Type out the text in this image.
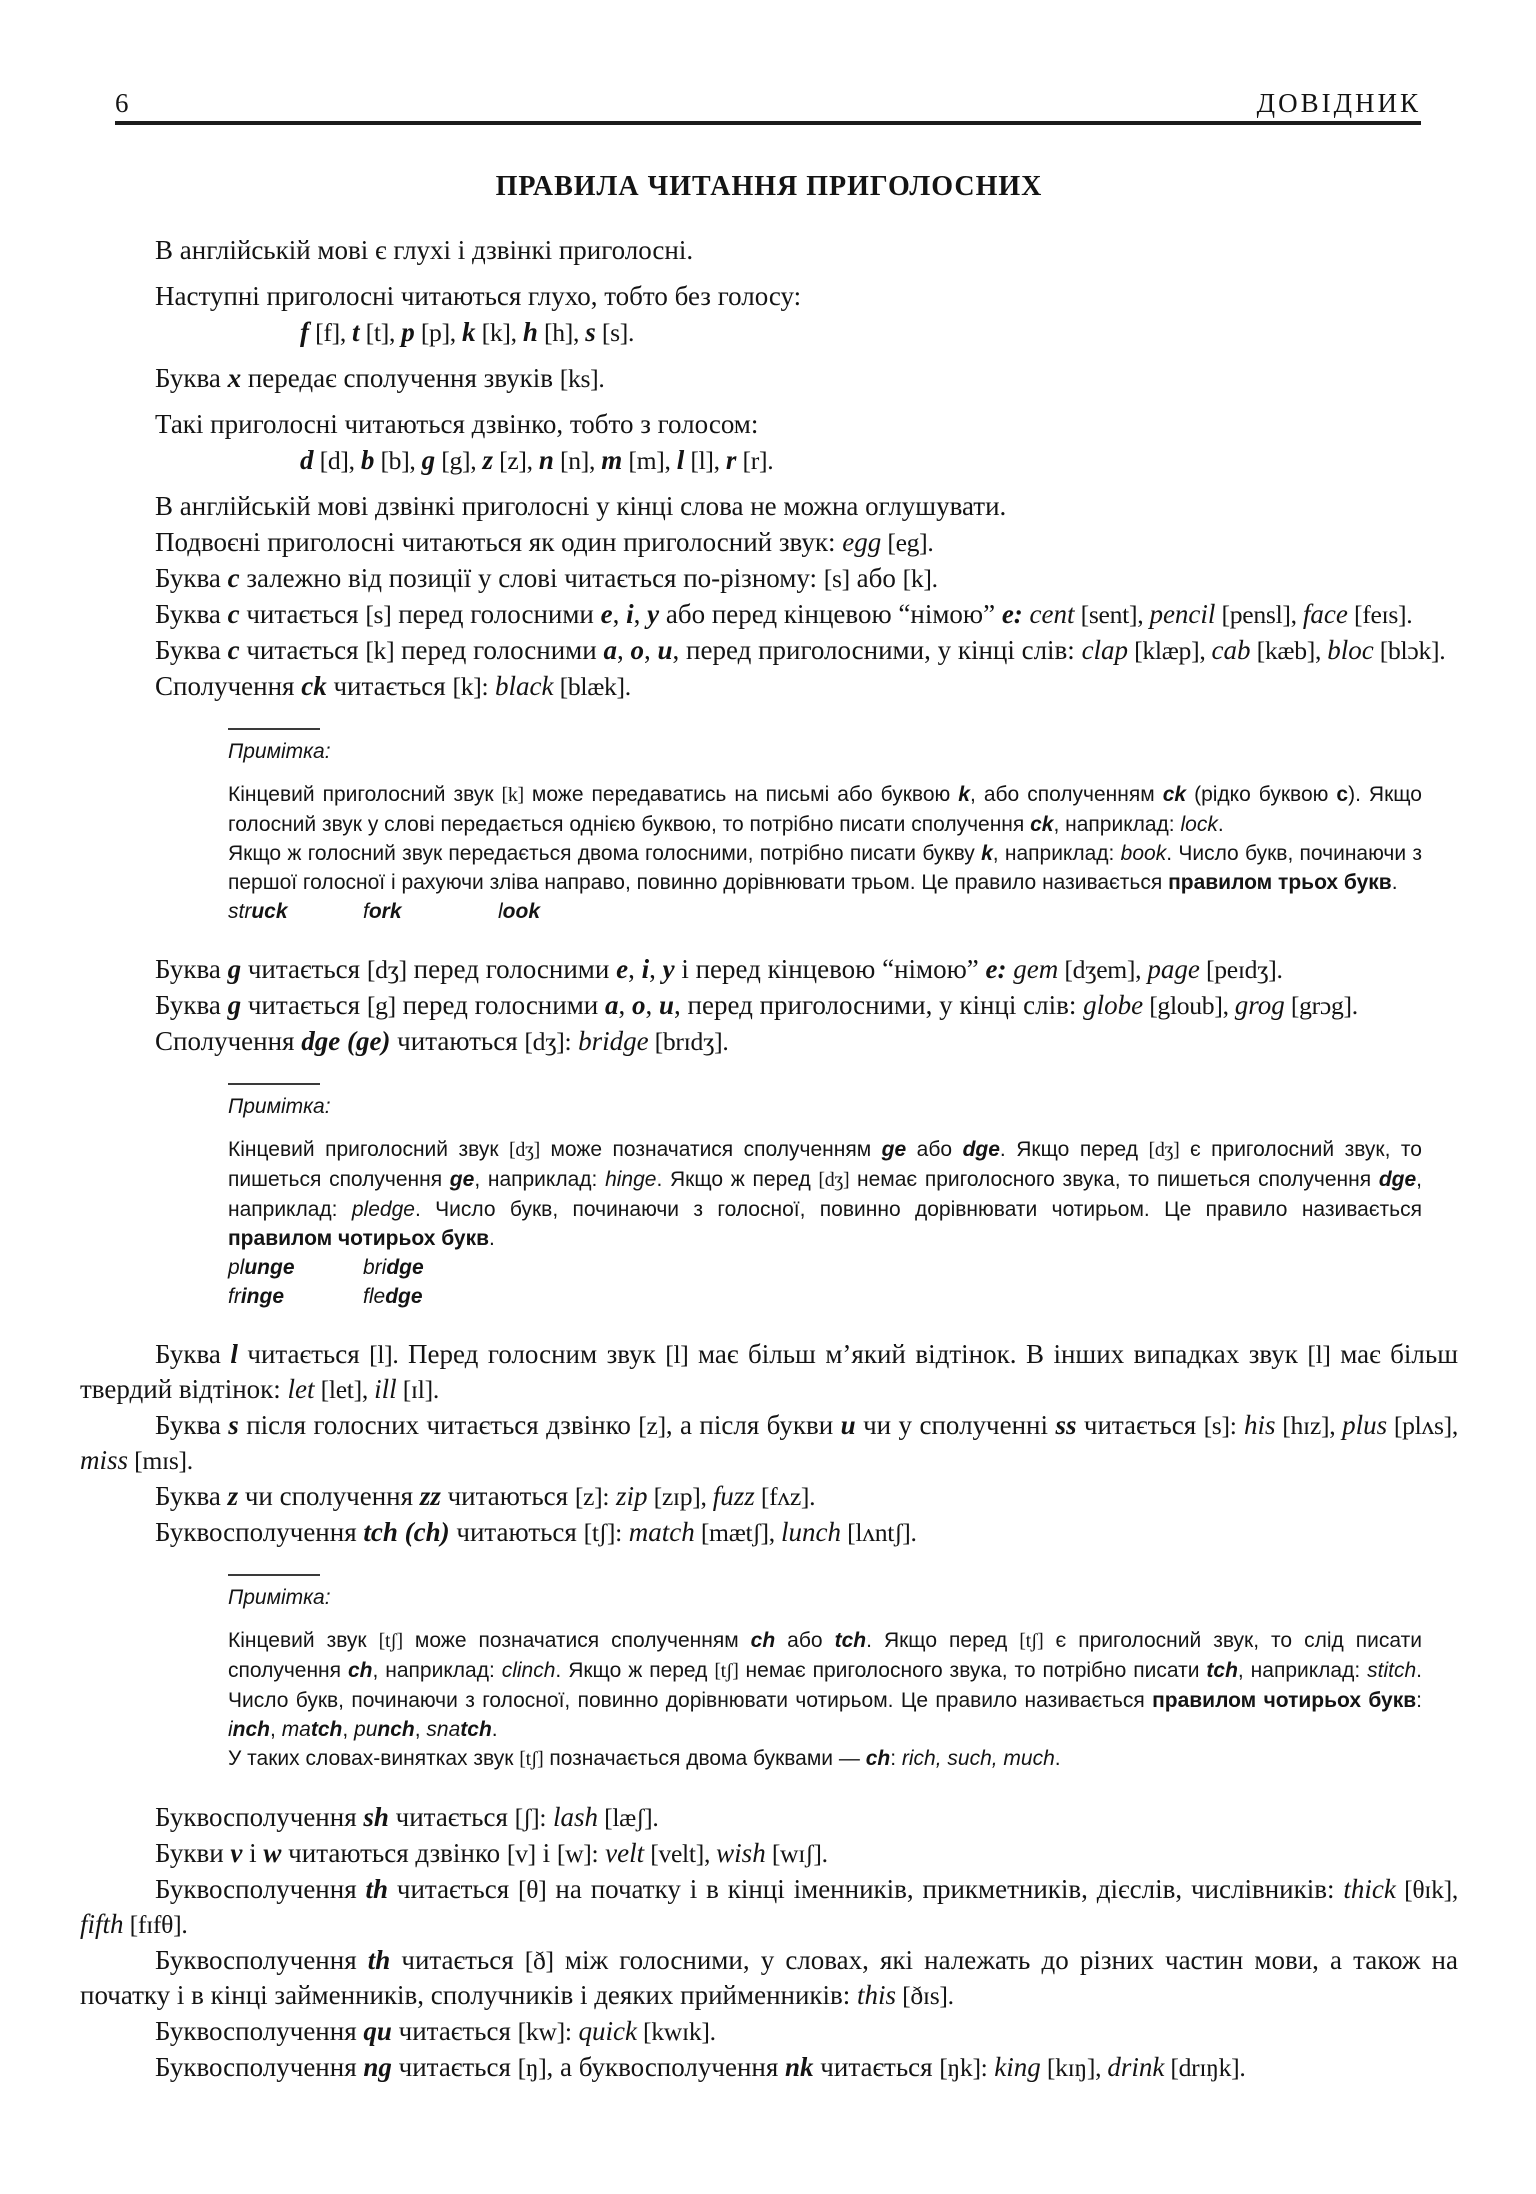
6	ДОВІДНИК
ПРАВИЛА ЧИТАННЯ ПРИГОЛОСНИХ

В англійській мові є глухі і дзвінкі приголосні.

Наступні приголосні читаються глухо, тобто без голосу:

f [f], t [t], p [p], k [k], h [h], s [s].

Буква x передає сполучення звуків [ks].

Такі приголосні читаються дзвінко, тобто з голосом:

d [d], b [b], g [g], z [z], n [n], m [m], l [l], r [r].

В англійській мові дзвінкі приголосні у кінці слова не можна оглушувати.

Подвоєні приголосні читаються як один приголосний звук: egg [eg].

Буква c залежно від позиції у слові читається по-різному: [s] або [k].

Буква c читається [s] перед голосними e, i, y або перед кінцевою “німою” e: cent [sent], pencil [pensl], face [feɪs].

Буква c читається [k] перед голосними a, o, u, перед приголосними, у кінці слів: clap [klæp], cab [kæb], bloc [blɔk].

Сполучення ck читається [k]: black [blæk].

Примітка:

Кінцевий приголосний звук [k] може передаватись на письмі або буквою k, або сполученням ck (рідко буквою c). Якщо голосний звук у слові передається однією буквою, то потрібно писати сполучення ck, наприклад: lock.

Якщо ж голосний звук передається двома голосними, потрібно писати букву k, наприклад: book. Число букв, починаючи з першої голосної і рахуючи зліва направо, повинно дорівнювати трьом. Це правило називається правилом трьох букв.

struck	fork	look

Буква g читається [dʒ] перед голосними e, i, y і перед кінцевою “німою” e: gem [dʒem], page [peɪdʒ].

Буква g читається [g] перед голосними a, o, u, перед приголосними, у кінці слів: globe [gloub], grog [grɔg].

Сполучення dge (ge) читаються [dʒ]: bridge [brɪdʒ].

Примітка:

Кінцевий приголосний звук [dʒ] може позначатися сполученням ge або dge. Якщо перед [dʒ] є приголосний звук, то пишеться сполучення ge, наприклад: hinge. Якщо ж перед [dʒ] немає приголосного звука, то пишеться сполучення dge, наприклад: pledge. Число букв, починаючи з голосної, повинно дорівнювати чотирьом. Це правило називається правилом чотирьох букв.

plunge	bridge
fringe	fledge

Буква l читається [l]. Перед голосним звук [l] має більш м’який відтінок. В інших випадках звук [l] має більш твердий відтінок: let [let], ill [ɪl].

Буква s після голосних читається дзвінко [z], а після букви u чи у сполученні ss читається [s]: his [hɪz], plus [plʌs], miss [mɪs].

Буква z чи сполучення zz читаються [z]: zip [zɪp], fuzz [fʌz].

Буквосполучення tch (ch) читаються [tʃ]: match [mætʃ], lunch [lʌntʃ].

Примітка:

Кінцевий звук [tʃ] може позначатися сполученням ch або tch. Якщо перед [tʃ] є приголосний звук, то слід писати сполучення ch, наприклад: clinch. Якщо ж перед [tʃ] немає приголосного звука, то потрібно писати tch, наприклад: stitch. Число букв, починаючи з голосної, повинно дорівнювати чотирьом. Це правило називається правилом чотирьох букв: inch, match, punch, snatch.

У таких словах-винятках звук [tʃ] позначається двома буквами — ch: rich, such, much.

Буквосполучення sh читається [ʃ]: lash [læʃ].

Букви v і w читаються дзвінко [v] і [w]: velt [velt], wish [wɪʃ].

Буквосполучення th читається [θ] на початку і в кінці іменників, прикметників, дієслів, числівників: thick [θɪk], fifth [fɪfθ].

Буквосполучення th читається [ð] між голосними, у словах, які належать до різних частин мови, а також на початку і в кінці займенників, сполучників і деяких прийменників: this [ðɪs].

Буквосполучення qu читається [kw]: quick [kwɪk].

Буквосполучення ng читається [ŋ], а буквосполучення nk читається [ŋk]: king [kɪŋ], drink [drɪŋk].
